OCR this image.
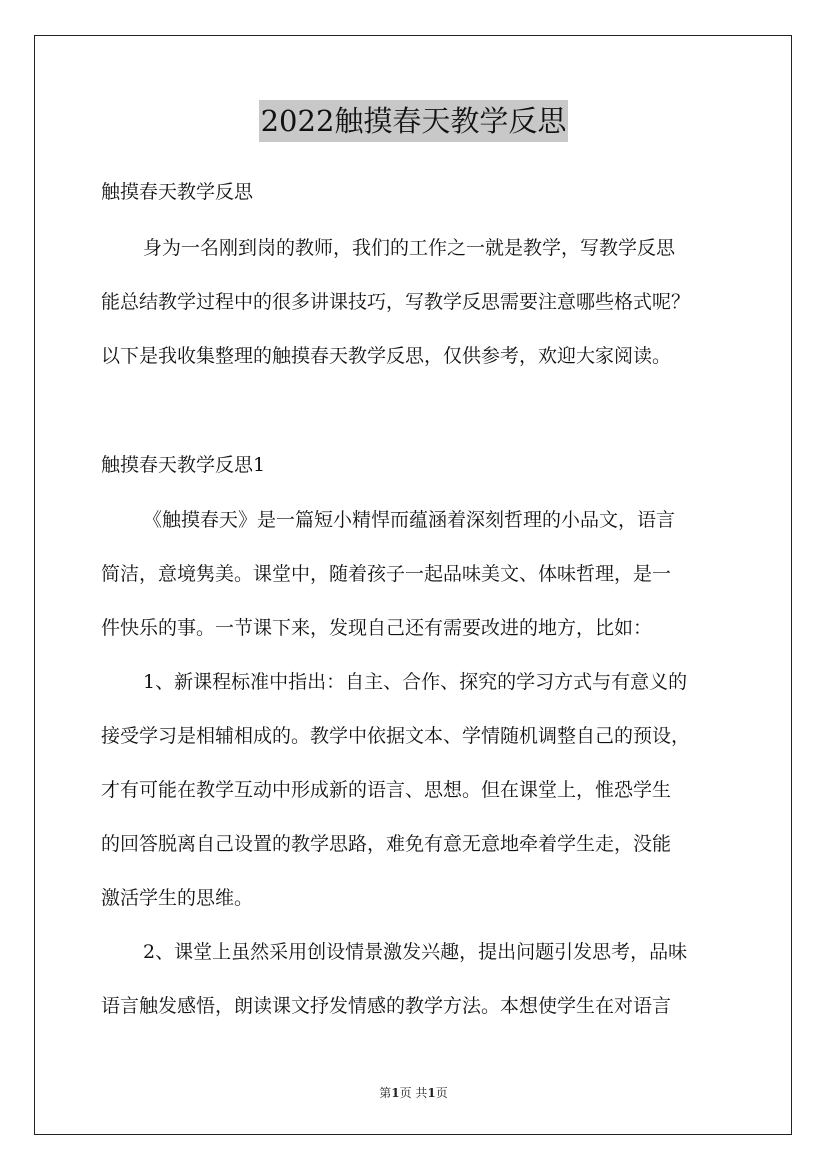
2022触摸春天教学反思
触摸春天教学反思
身为一名刚到岗的教师，我们的工作之一就是教学，写教学反思
能总结教学过程中的很多讲课技巧，写教学反思需要注意哪些格式呢？
以下是我收集整理的触摸春天教学反思，仅供参考，欢迎大家阅读。
触摸春天教学反思1
《触摸春天》是一篇短小精悍而蕴涵着深刻哲理的小品文，语言
简洁，意境隽美。课堂中，随着孩子一起品味美文、体味哲理，是一
件快乐的事。一节课下来，发现自己还有需要改进的地方，比如：
1、新课程标准中指出：自主、合作、探究的学习方式与有意义的
接受学习是相辅相成的。教学中依据文本、学情随机调整自己的预设，
才有可能在教学互动中形成新的语言、思想。但在课堂上，惟恐学生
的回答脱离自己设置的教学思路，难免有意无意地牵着学生走，没能
激活学生的思维。
2、课堂上虽然采用创设情景激发兴趣，提出问题引发思考，品味
语言触发感悟，朗读课文抒发情感的教学方法。本想使学生在对语言
第1页 共1页
